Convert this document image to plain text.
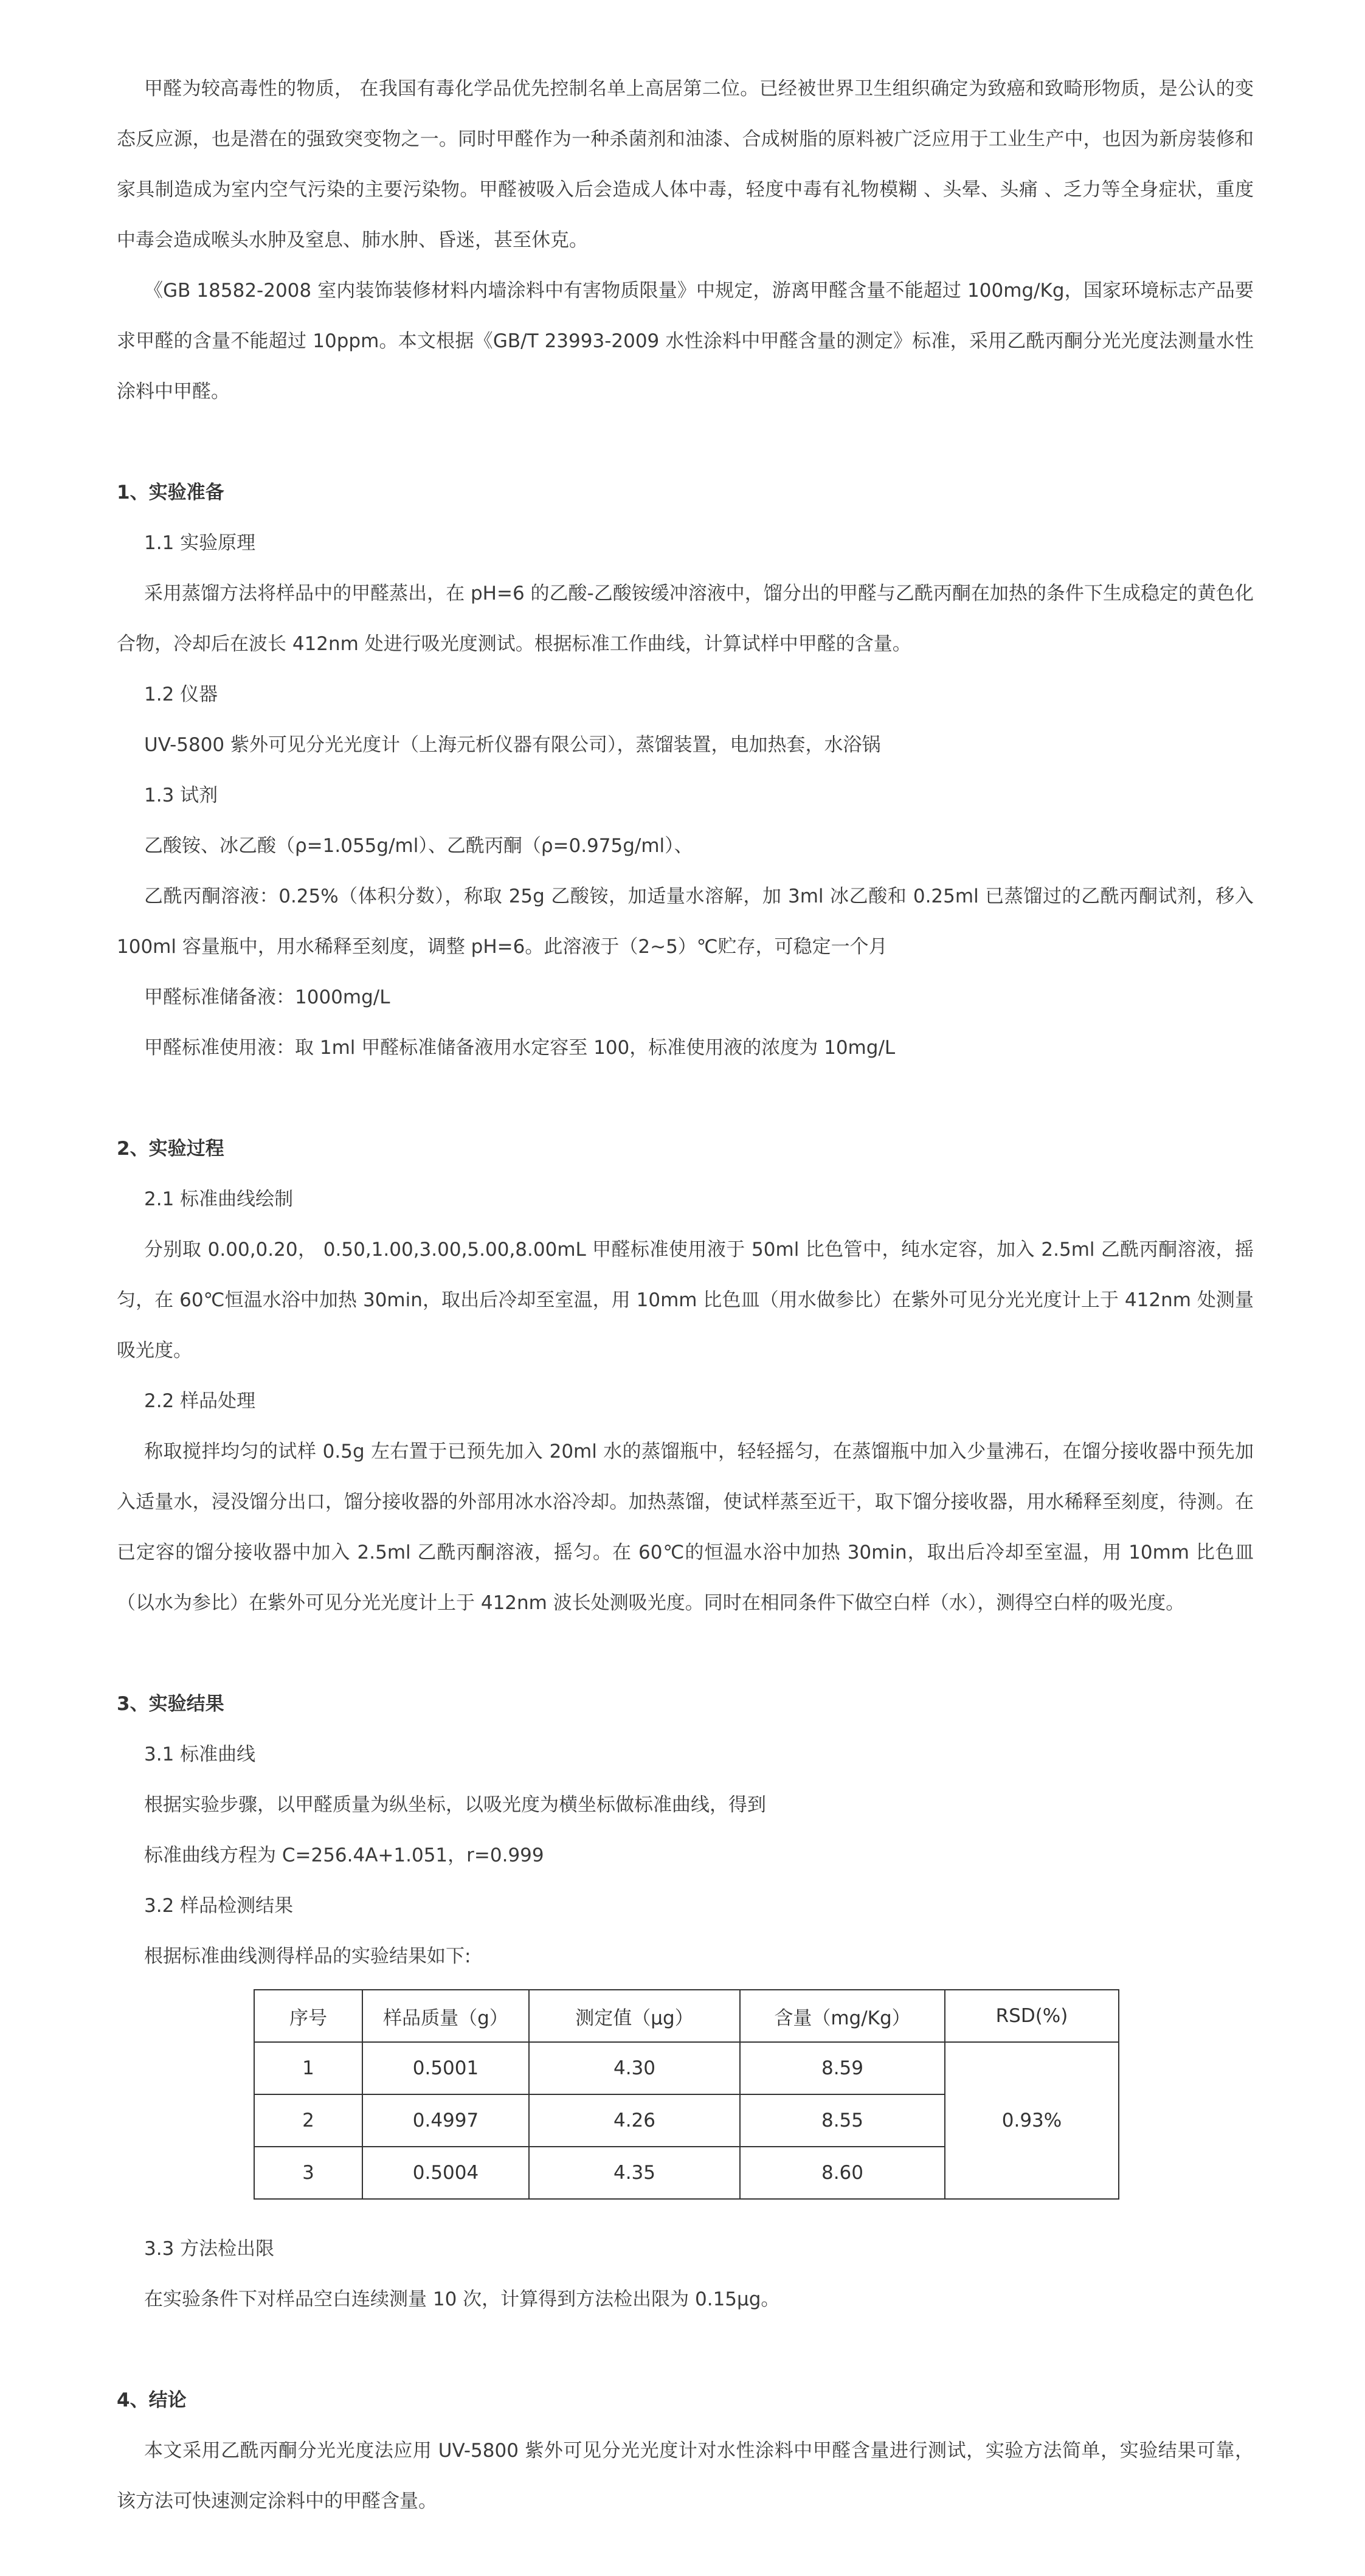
甲醛为较高毒性的物质， 在我国有毒化学品优先控制名单上高居第二位。已经被世界卫生组织确定为致癌和致畸形物质，是公认的变态反应源，也是潜在的强致突变物之一。同时甲醛作为一种杀菌剂和油漆、合成树脂的原料被广泛应用于工业生产中，也因为新房装修和家具制造成为室内空气污染的主要污染物。甲醛被吸入后会造成人体中毒，轻度中毒有礼物模糊 、头晕、头痛 、乏力等全身症状，重度中毒会造成喉头水肿及窒息、肺水肿、昏迷，甚至休克。

《GB 18582-2008 室内装饰装修材料内墙涂料中有害物质限量》中规定，游离甲醛含量不能超过 100mg/Kg，国家环境标志产品要求甲醛的含量不能超过 10ppm。本文根据《GB/T 23993-2009 水性涂料中甲醛含量的测定》标准，采用乙酰丙酮分光光度法测量水性涂料中甲醛。

1、实验准备

1.1 实验原理

采用蒸馏方法将样品中的甲醛蒸出，在 pH=6 的乙酸-乙酸铵缓冲溶液中，馏分出的甲醛与乙酰丙酮在加热的条件下生成稳定的黄色化合物，冷却后在波长 412nm 处进行吸光度测试。根据标准工作曲线，计算试样中甲醛的含量。

1.2 仪器

UV-5800 紫外可见分光光度计（上海元析仪器有限公司），蒸馏装置，电加热套，水浴锅

1.3 试剂

乙酸铵、冰乙酸（ρ=1.055g/ml）、乙酰丙酮（ρ=0.975g/ml）、

乙酰丙酮溶液：0.25%（体积分数），称取 25g 乙酸铵，加适量水溶解，加 3ml 冰乙酸和 0.25ml 已蒸馏过的乙酰丙酮试剂，移入 100ml 容量瓶中，用水稀释至刻度，调整 pH=6。此溶液于（2~5）℃贮存，可稳定一个月

甲醛标准储备液：1000mg/L

甲醛标准使用液：取 1ml 甲醛标准储备液用水定容至 100，标准使用液的浓度为 10mg/L

2、实验过程

2.1 标准曲线绘制

分别取 0.00,0.20， 0.50,1.00,3.00,5.00,8.00mL 甲醛标准使用液于 50ml 比色管中，纯水定容，加入 2.5ml 乙酰丙酮溶液，摇匀，在 60℃恒温水浴中加热 30min，取出后冷却至室温，用 10mm 比色皿（用水做参比）在紫外可见分光光度计上于 412nm 处测量吸光度。

2.2 样品处理

称取搅拌均匀的试样 0.5g 左右置于已预先加入 20ml 水的蒸馏瓶中，轻轻摇匀，在蒸馏瓶中加入少量沸石，在馏分接收器中预先加入适量水，浸没馏分出口，馏分接收器的外部用冰水浴冷却。加热蒸馏，使试样蒸至近干，取下馏分接收器，用水稀释至刻度，待测。在已定容的馏分接收器中加入 2.5ml 乙酰丙酮溶液，摇匀。在 60℃的恒温水浴中加热 30min，取出后冷却至室温，用 10mm 比色皿（以水为参比）在紫外可见分光光度计上于 412nm 波长处测吸光度。同时在相同条件下做空白样（水），测得空白样的吸光度。

3、实验结果

3.1 标准曲线

根据实验步骤，以甲醛质量为纵坐标，以吸光度为横坐标做标准曲线，得到

标准曲线方程为 C=256.4A+1.051，r=0.999

3.2 样品检测结果

根据标准曲线测得样品的实验结果如下:

序号	样品质量（g）	测定值（μg）	含量（mg/Kg）	RSD(%)
1	0.5001	4.30	8.59	0.93%
2	0.4997	4.26	8.55	
3	0.5004	4.35	8.60	

3.3 方法检出限

在实验条件下对样品空白连续测量 10 次，计算得到方法检出限为 0.15μg。

4、结论

本文采用乙酰丙酮分光光度法应用 UV-5800 紫外可见分光光度计对水性涂料中甲醛含量进行测试，实验方法简单，实验结果可靠，该方法可快速测定涂料中的甲醛含量。
